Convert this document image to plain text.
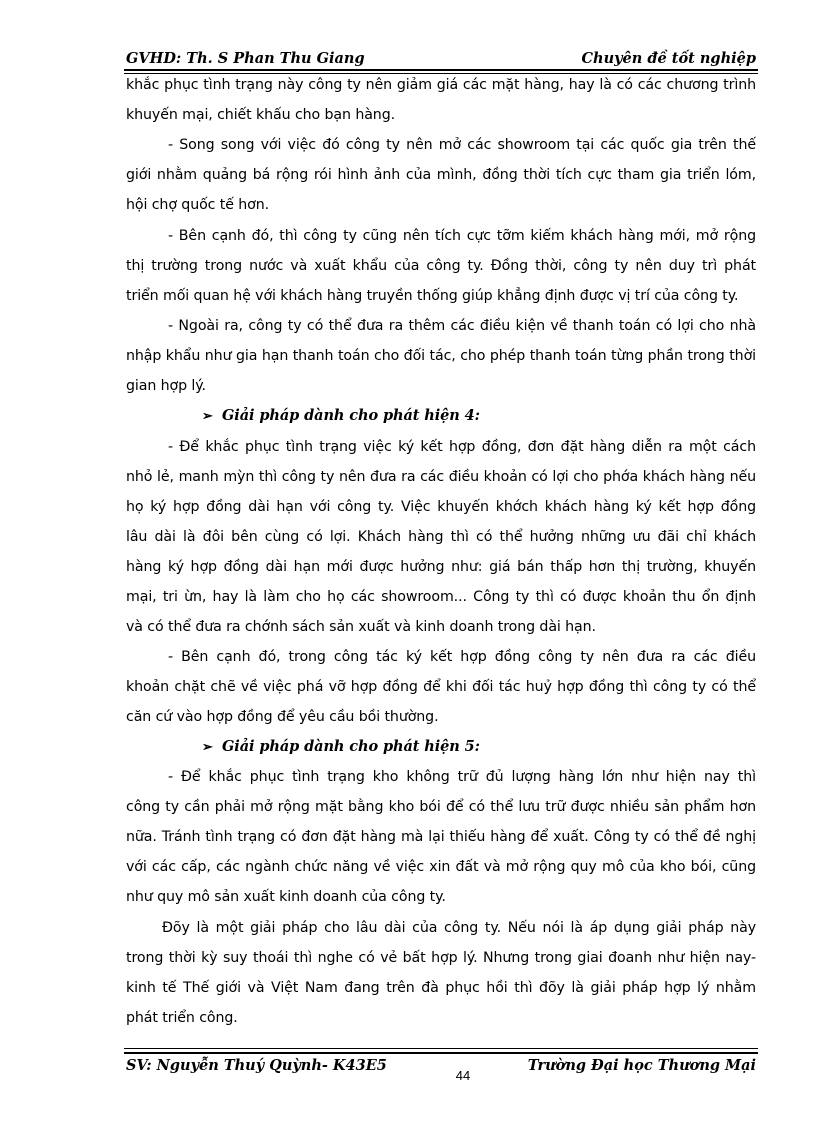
GVHD: Th. S Phan Thu Giang	Chuyên đề tốt nghiệp
khắc phục tình trạng này công ty nên giảm giá các mặt hàng, hay là có các chương trình
khuyến mại, chiết khấu cho bạn hàng.
- Song song với việc đó công ty nên mở các showroom tại các quốc gia trên thế
giới nhằm quảng bá rộng rói hình ảnh của mình, đồng thời tích cực tham gia triển lóm,
hội chợ quốc tế hơn.
- Bên cạnh đó, thì công ty cũng nên tích cực tỡm kiếm khách hàng mới, mở rộng
thị trường trong nước và xuất khẩu của công ty. Đồng thời, công ty nên duy trì phát
triển mối quan hệ với khách hàng truyền thống giúp khẳng định được vị trí của công ty.
- Ngoài ra, công ty có thể đưa ra thêm các điều kiện về thanh toán có lợi cho nhà
nhập khẩu như gia hạn thanh toán cho đối tác, cho phép thanh toán từng phần trong thời
gian hợp lý.
➢ Giải pháp dành cho phát hiện 4:
- Để khắc phục tình trạng việc ký kết hợp đồng, đơn đặt hàng diễn ra một cách
nhỏ lẻ, manh mỳn thì công ty nên đưa ra các điều khoản có lợi cho phớa khách hàng nếu
họ ký hợp đồng dài hạn với công ty. Việc khuyến khớch khách hàng ký kết hợp đồng
lâu dài là đôi bên cùng có lợi. Khách hàng thì có thể hưởng những ưu đãi chỉ khách
hàng ký hợp đồng dài hạn mới được hưởng như: giá bán thấp hơn thị trường, khuyến
mại, tri ừn, hay là làm cho họ các showroom... Công ty thì có được khoản thu ổn định
và có thể đưa ra chớnh sách sản xuất và kinh doanh trong dài hạn.
- Bên cạnh đó, trong công tác ký kết hợp đồng công ty nên đưa ra các điều
khoản chặt chẽ về việc phá vỡ hợp đồng để khi đối tác huỷ hợp đồng thì công ty có thể
căn cứ vào hợp đồng để yêu cầu bồi thường.
➢ Giải pháp dành cho phát hiện 5:
- Để khắc phục tình trạng kho không trữ đủ lượng hàng lớn như hiện nay thì
công ty cần phải mở rộng mặt bằng kho bói để có thể lưu trữ được nhiều sản phẩm hơn
nữa. Tránh tình trạng có đơn đặt hàng mà lại thiếu hàng để xuất. Công ty có thể đề nghị
với các cấp, các ngành chức năng về việc xin đất và mở rộng quy mô của kho bói, cũng
như quy mô sản xuất kinh doanh của công ty.
Đõy là một giải pháp cho lâu dài của công ty. Nếu nói là áp dụng giải pháp này
trong thời kỳ suy thoái thì nghe có vẻ bất hợp lý. Nhưng trong giai đoanh như hiện nay-
kinh tế Thế giới và Việt Nam đang trên đà phục hồi thì đõy là giải pháp hợp lý nhằm
phát triển công.
SV: Nguyễn Thuý Quỳnh- K43E5	Trường Đại học Thương Mại
44
